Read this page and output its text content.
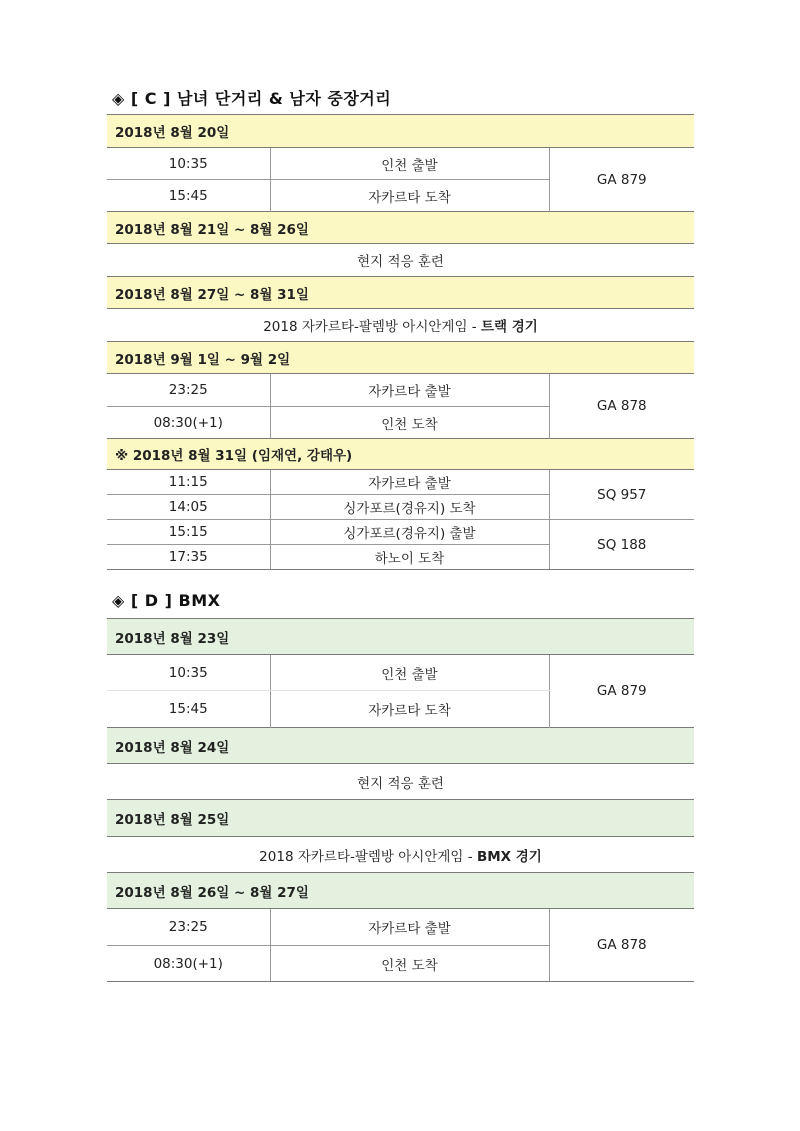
◈ [ C ] 남녀 단거리 & 남자 중장거리
2018년 8월 20일		
10:35	인천 출발	GA 879
15:45	자카르타 도착	
2018년 8월 21일 ~ 8월 26일		
현지 적응 훈련		
2018년 8월 27일 ~ 8월 31일		
2018 자카르타-팔렘방 아시안게임 - 트랙 경기		
2018년 9월 1일 ~ 9월 2일		
23:25	자카르타 출발	GA 878
08:30(+1)	인천 도착	
※ 2018년 8월 31일 (임재연, 강태우)		
11:15	자카르타 출발	SQ 957
14:05	싱가포르(경유지) 도착	
15:15	싱가포르(경유지) 출발	SQ 188
17:35	하노이 도착	
◈ [ D ] BMX
2018년 8월 23일		
10:35	인천 출발	GA 879
15:45	자카르타 도착	
2018년 8월 24일		
현지 적응 훈련		
2018년 8월 25일		
2018 자카르타-팔렘방 아시안게임 - BMX 경기		
2018년 8월 26일 ~ 8월 27일		
23:25	자카르타 출발	GA 878
08:30(+1)	인천 도착	
